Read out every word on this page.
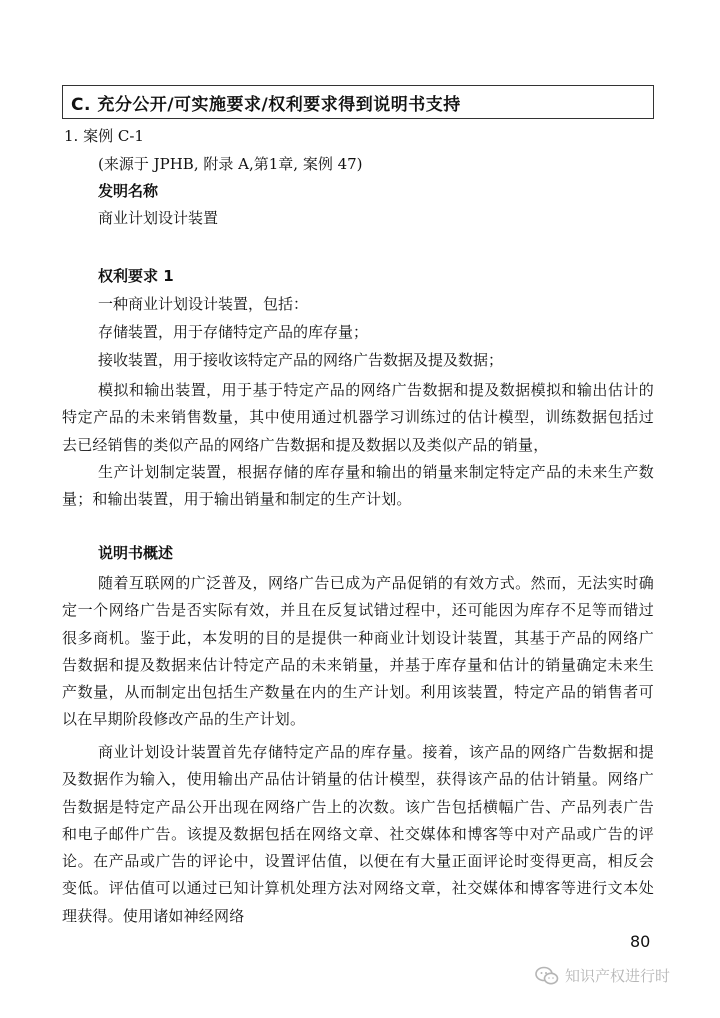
C. 充分公开/可实施要求/权利要求得到说明书支持
1. 案例 C-1
(来源于 JPHB, 附录 A,第1章, 案例 47)
发明名称
商业计划设计装置
权利要求 1
一种商业计划设计装置，包括：
存储装置，用于存储特定产品的库存量；
接收装置，用于接收该特定产品的网络广告数据及提及数据；
模拟和输出装置，用于基于特定产品的网络广告数据和提及数据模拟和输出估计的特定产品的未来销售数量，其中使用通过机器学习训练过的估计模型，训练数据包括过去已经销售的类似产品的网络广告数据和提及数据以及类似产品的销量，
生产计划制定装置，根据存储的库存量和输出的销量来制定特定产品的未来生产数量；和输出装置，用于输出销量和制定的生产计划。
说明书概述
随着互联网的广泛普及，网络广告已成为产品促销的有效方式。然而，无法实时确定一个网络广告是否实际有效，并且在反复试错过程中，还可能因为库存不足等而错过很多商机。鉴于此，本发明的目的是提供一种商业计划设计装置，其基于产品的网络广告数据和提及数据来估计特定产品的未来销量，并基于库存量和估计的销量确定未来生产数量，从而制定出包括生产数量在内的生产计划。利用该装置，特定产品的销售者可以在早期阶段修改产品的生产计划。
商业计划设计装置首先存储特定产品的库存量。接着，该产品的网络广告数据和提及数据作为输入，使用输出产品估计销量的估计模型，获得该产品的估计销量。网络广告数据是特定产品公开出现在网络广告上的次数。该广告包括横幅广告、产品列表广告和电子邮件广告。该提及数据包括在网络文章、社交媒体和博客等中对产品或广告的评论。在产品或广告的评论中，设置评估值，以便在有大量正面评论时变得更高，相反会变低。评估值可以通过已知计算机处理方法对网络文章，社交媒体和博客等进行文本处理获得。使用诸如神经网络
80
知识产权进行时
